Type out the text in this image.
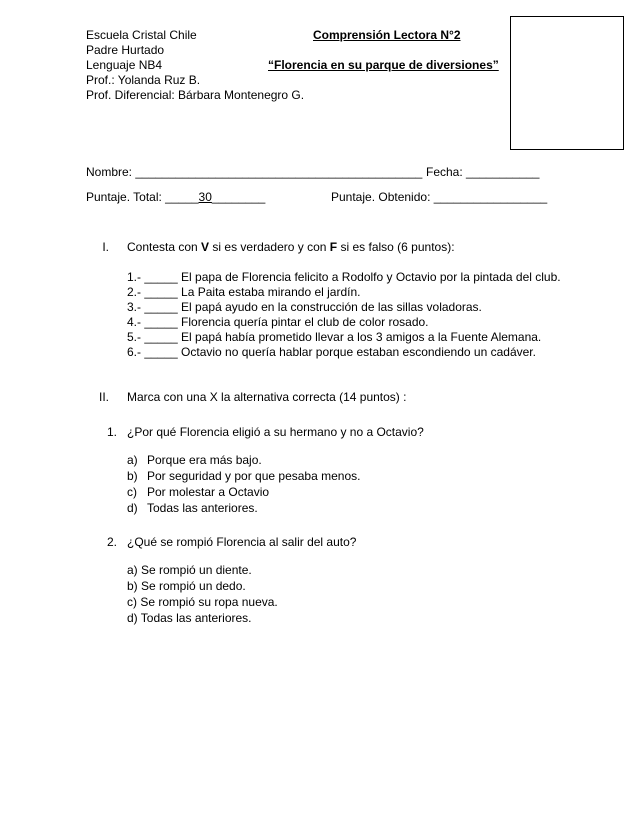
Escuela Cristal Chile
Padre Hurtado
Lenguaje NB4
Prof.: Yolanda Ruz B.
Prof. Diferencial: Bárbara Montenegro G.
Comprensión Lectora N°2
“Florencia en su parque de diversiones”
Nombre: ___________________________________________ Fecha: ___________
Puntaje. Total: _____30________	Puntaje. Obtenido: _________________
I. Contesta con V si es verdadero y con F si es falso (6 puntos):
1.- _____ El papa de Florencia felicito a Rodolfo y Octavio por la pintada del club.
2.- _____ La Paita estaba mirando el jardín.
3.- _____ El papá ayudo en la construcción de las sillas voladoras.
4.- _____ Florencia quería pintar el club de color rosado.
5.- _____ El papá había prometido llevar a los 3 amigos a la Fuente Alemana.
6.- _____ Octavio no quería hablar porque estaban escondiendo un cadáver.
II. Marca con una X la alternativa correcta (14 puntos) :
1. ¿Por qué Florencia eligió a su hermano y no a Octavio?
a) Porque era más bajo.
b) Por seguridad y por que pesaba menos.
c) Por molestar a Octavio
d) Todas las anteriores.
2. ¿Qué se rompió Florencia al salir del auto?
a) Se rompió un diente.
b) Se rompió un dedo.
c) Se rompió su ropa nueva.
d) Todas las anteriores.
